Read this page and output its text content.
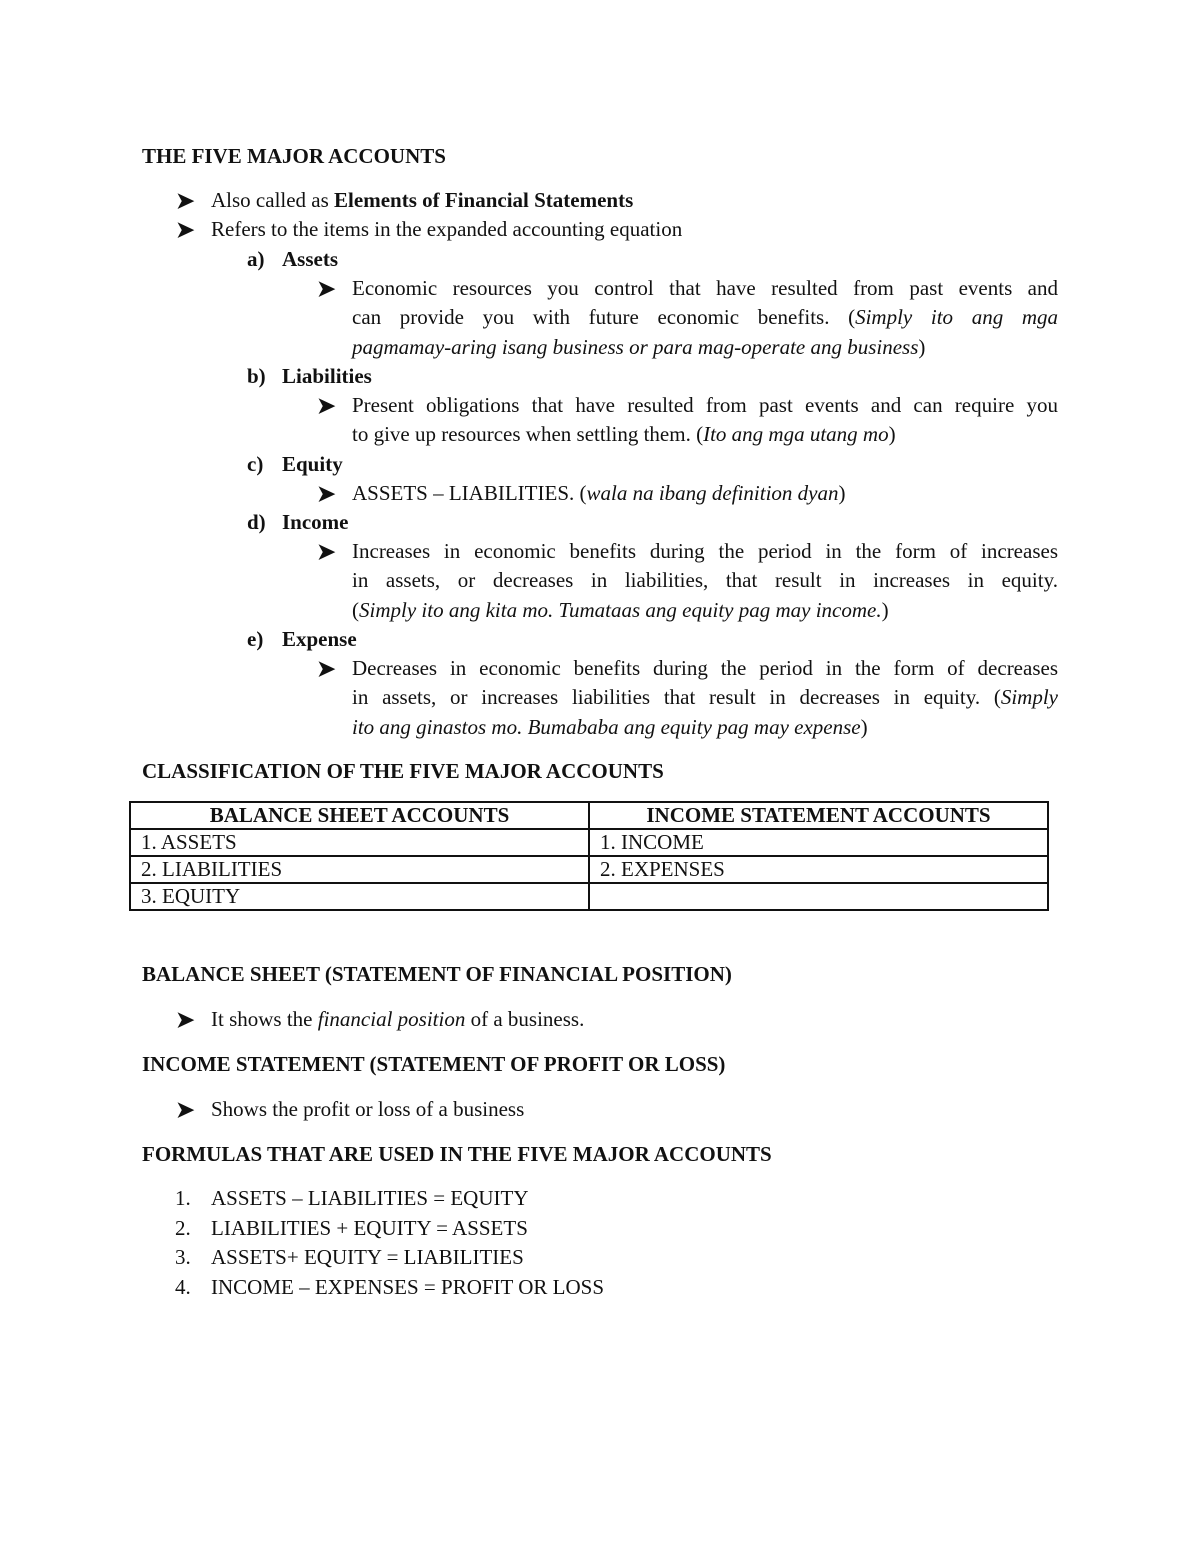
THE FIVE MAJOR ACCOUNTS
➤ Also called as Elements of Financial Statements
➤ Refers to the items in the expanded accounting equation
a) Assets
➤ Economic resources you control that have resulted from past events and
can provide you with future economic benefits. (Simply ito ang mga
pagmamay-aring isang business or para mag-operate ang business)
b) Liabilities
➤ Present obligations that have resulted from past events and can require you
to give up resources when settling them. (Ito ang mga utang mo)
c) Equity
➤ ASSETS – LIABILITIES. (wala na ibang definition dyan)
d) Income
➤ Increases in economic benefits during the period in the form of increases
in assets, or decreases in liabilities, that result in increases in equity.
(Simply ito ang kita mo. Tumataas ang equity pag may income.)
e) Expense
➤ Decreases in economic benefits during the period in the form of decreases
in assets, or increases liabilities that result in decreases in equity. (Simply
ito ang ginastos mo. Bumababa ang equity pag may expense)
CLASSIFICATION OF THE FIVE MAJOR ACCOUNTS
BALANCE SHEET ACCOUNTS	INCOME STATEMENT ACCOUNTS
1. ASSETS	1. INCOME
2. LIABILITIES	2. EXPENSES
3. EQUITY	
BALANCE SHEET (STATEMENT OF FINANCIAL POSITION)
➤ It shows the financial position of a business.
INCOME STATEMENT (STATEMENT OF PROFIT OR LOSS)
➤ Shows the profit or loss of a business
FORMULAS THAT ARE USED IN THE FIVE MAJOR ACCOUNTS
1. ASSETS – LIABILITIES = EQUITY
2. LIABILITIES + EQUITY = ASSETS
3. ASSETS+ EQUITY = LIABILITIES
4. INCOME – EXPENSES = PROFIT OR LOSS
